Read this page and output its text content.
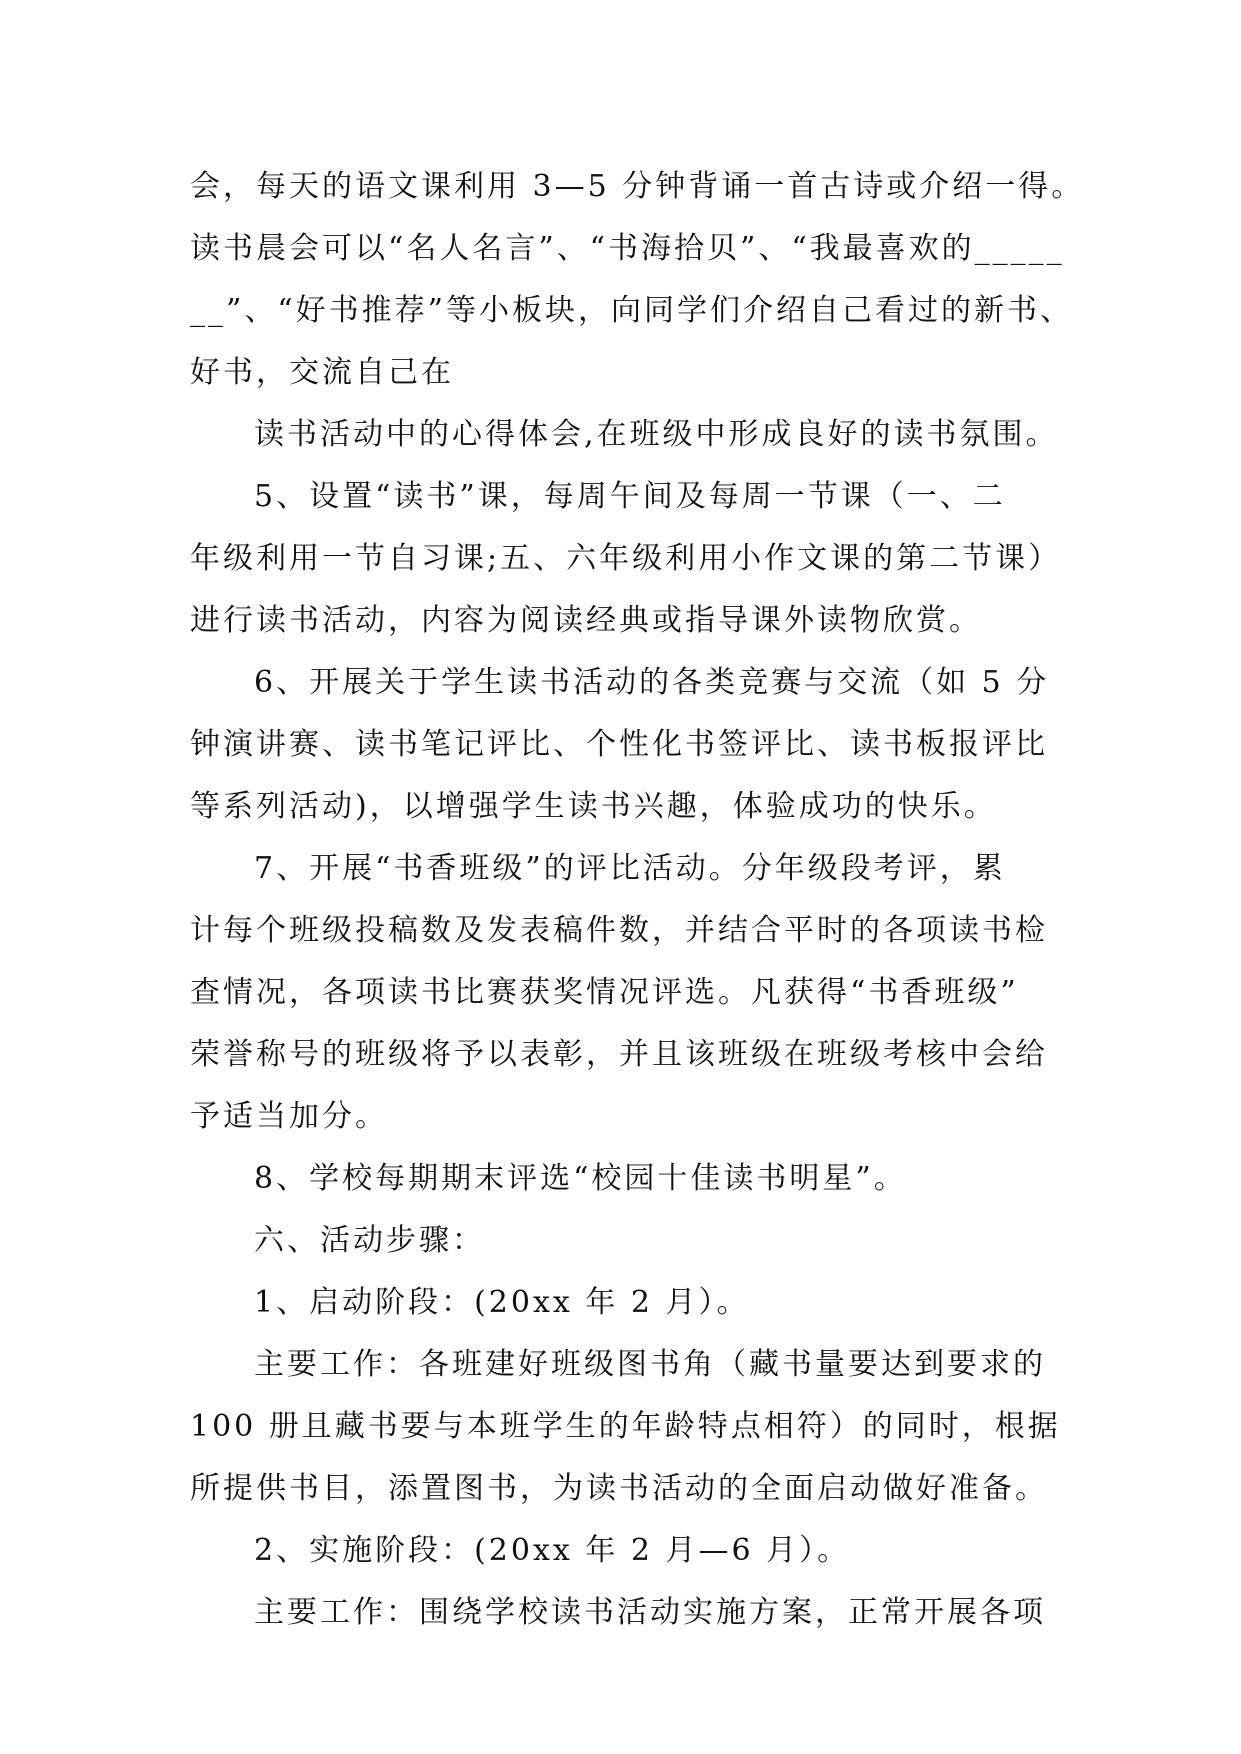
会，每天的语文课利用 3—5 分钟背诵一首古诗或介绍一得。
读书晨会可以“名人名言”、“书海拾贝”、“我最喜欢的_____
__”、“好书推荐”等小板块，向同学们介绍自己看过的新书、
好书，交流自己在
读书活动中的心得体会,在班级中形成良好的读书氛围。
5、设置“读书”课，每周午间及每周一节课（一、二
年级利用一节自习课;五、六年级利用小作文课的第二节课）
进行读书活动，内容为阅读经典或指导课外读物欣赏。
6、开展关于学生读书活动的各类竞赛与交流（如 5 分
钟演讲赛、读书笔记评比、个性化书签评比、读书板报评比
等系列活动)，以增强学生读书兴趣，体验成功的快乐。
7、开展“书香班级”的评比活动。分年级段考评，累
计每个班级投稿数及发表稿件数，并结合平时的各项读书检
查情况，各项读书比赛获奖情况评选。凡获得“书香班级”
荣誉称号的班级将予以表彰，并且该班级在班级考核中会给
予适当加分。
8、学校每期期末评选“校园十佳读书明星”。
六、活动步骤：
1、启动阶段：(20xx 年 2 月）。
主要工作：各班建好班级图书角（藏书量要达到要求的
100 册且藏书要与本班学生的年龄特点相符）的同时，根据
所提供书目，添置图书，为读书活动的全面启动做好准备。
2、实施阶段：(20xx 年 2 月—6 月）。
主要工作：围绕学校读书活动实施方案，正常开展各项
